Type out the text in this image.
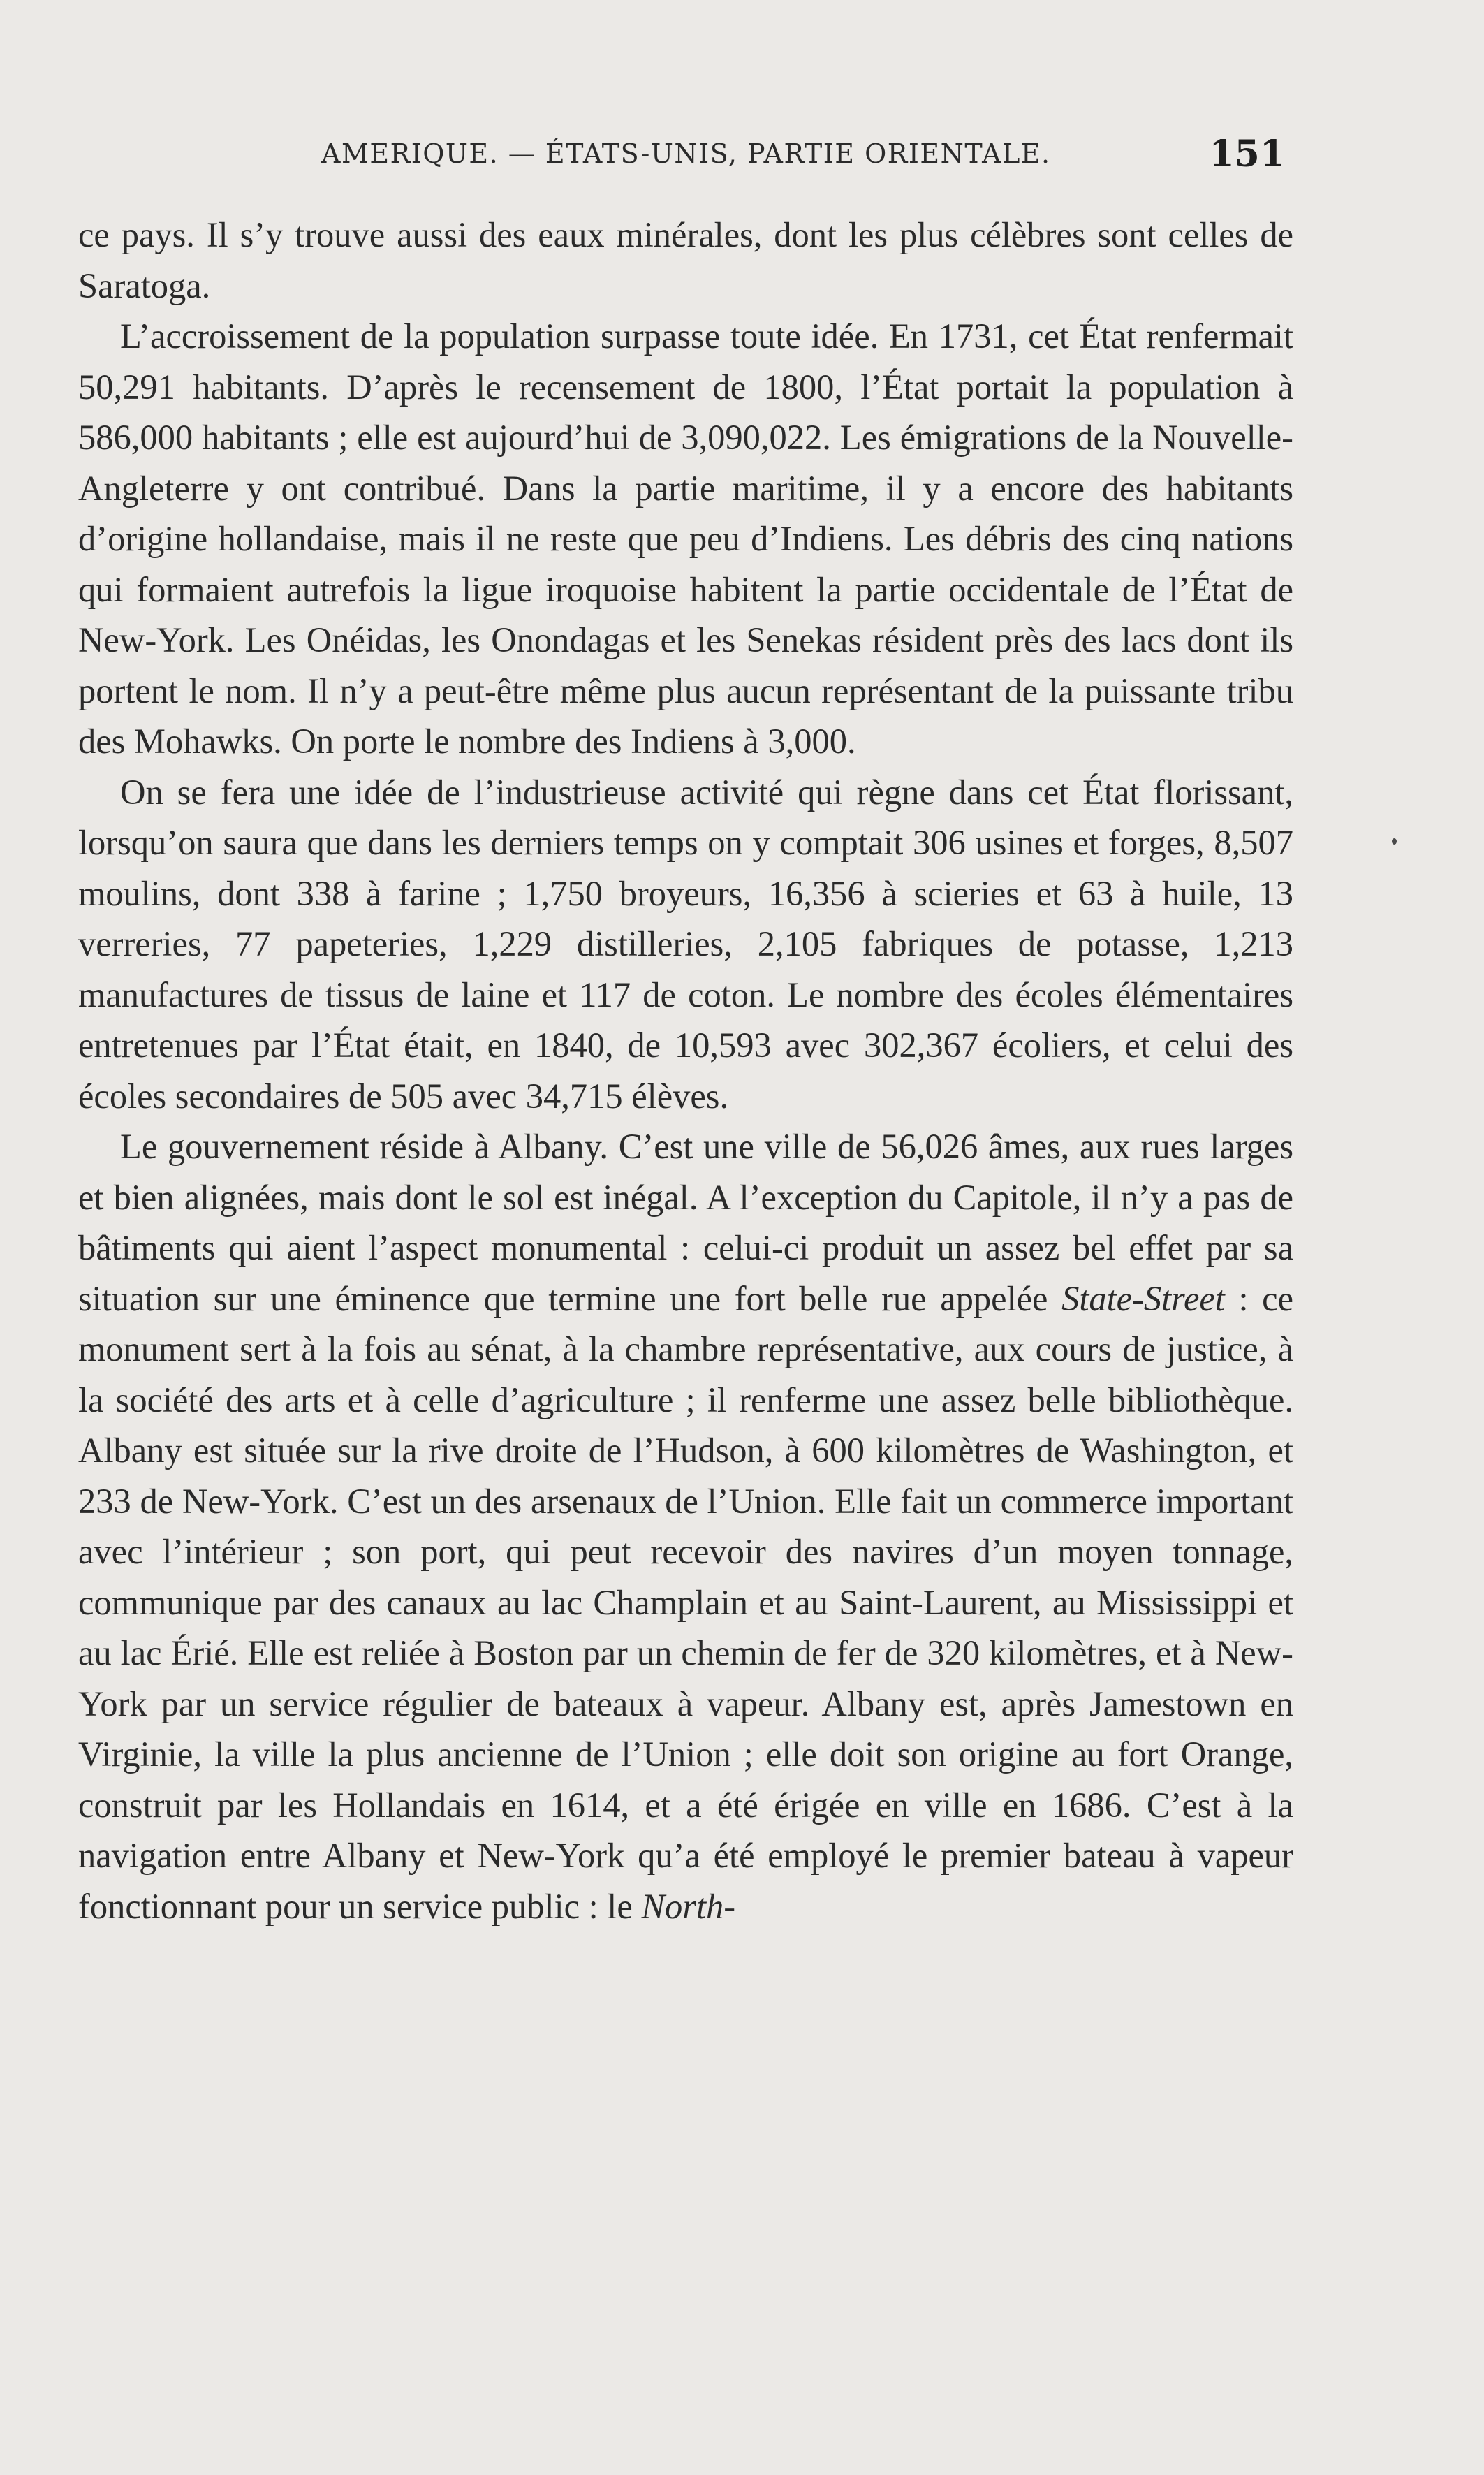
AMERIQUE. — ÉTATS-UNIS, PARTIE ORIENTALE.	151

ce pays. Il s’y trouve aussi des eaux minérales, dont les plus célèbres sont celles de Saratoga.

L’accroissement de la population surpasse toute idée. En 1731, cet État renfermait 50,291 habitants. D’après le recensement de 1800, l’État portait la population à 586,000 habitants ; elle est aujourd’hui de 3,090,022. Les émigrations de la Nouvelle-Angleterre y ont contribué. Dans la partie maritime, il y a encore des habitants d’origine hollandaise, mais il ne reste que peu d’Indiens. Les débris des cinq nations qui formaient autrefois la ligue iroquoise habitent la partie occidentale de l’État de New-York. Les Onéidas, les Onondagas et les Senekas résident près des lacs dont ils portent le nom. Il n’y a peut-être même plus aucun représentant de la puissante tribu des Mohawks. On porte le nombre des Indiens à 3,000.

On se fera une idée de l’industrieuse activité qui règne dans cet État florissant, lorsqu’on saura que dans les derniers temps on y comptait 306 usines et forges, 8,507 moulins, dont 338 à farine ; 1,750 broyeurs, 16,356 à scieries et 63 à huile, 13 verreries, 77 papeteries, 1,229 distilleries, 2,105 fabriques de potasse, 1,213 manufactures de tissus de laine et 117 de coton. Le nombre des écoles élémentaires entretenues par l’État était, en 1840, de 10,593 avec 302,367 écoliers, et celui des écoles secondaires de 505 avec 34,715 élèves.

Le gouvernement réside à Albany. C’est une ville de 56,026 âmes, aux rues larges et bien alignées, mais dont le sol est inégal. A l’exception du Capitole, il n’y a pas de bâtiments qui aient l’aspect monumental : celui-ci produit un assez bel effet par sa situation sur une éminence que termine une fort belle rue appelée State-Street : ce monument sert à la fois au sénat, à la chambre représentative, aux cours de justice, à la société des arts et à celle d’agriculture ; il renferme une assez belle bibliothèque. Albany est située sur la rive droite de l’Hudson, à 600 kilomètres de Washington, et 233 de New-York. C’est un des arsenaux de l’Union. Elle fait un commerce important avec l’intérieur ; son port, qui peut recevoir des navires d’un moyen tonnage, communique par des canaux au lac Champlain et au Saint-Laurent, au Mississippi et au lac Érié. Elle est reliée à Boston par un chemin de fer de 320 kilomètres, et à New-York par un service régulier de bateaux à vapeur. Albany est, après Jamestown en Virginie, la ville la plus ancienne de l’Union ; elle doit son origine au fort Orange, construit par les Hollandais en 1614, et a été érigée en ville en 1686. C’est à la navigation entre Albany et New-York qu’a été employé le premier bateau à vapeur fonctionnant pour un service public : le North-
